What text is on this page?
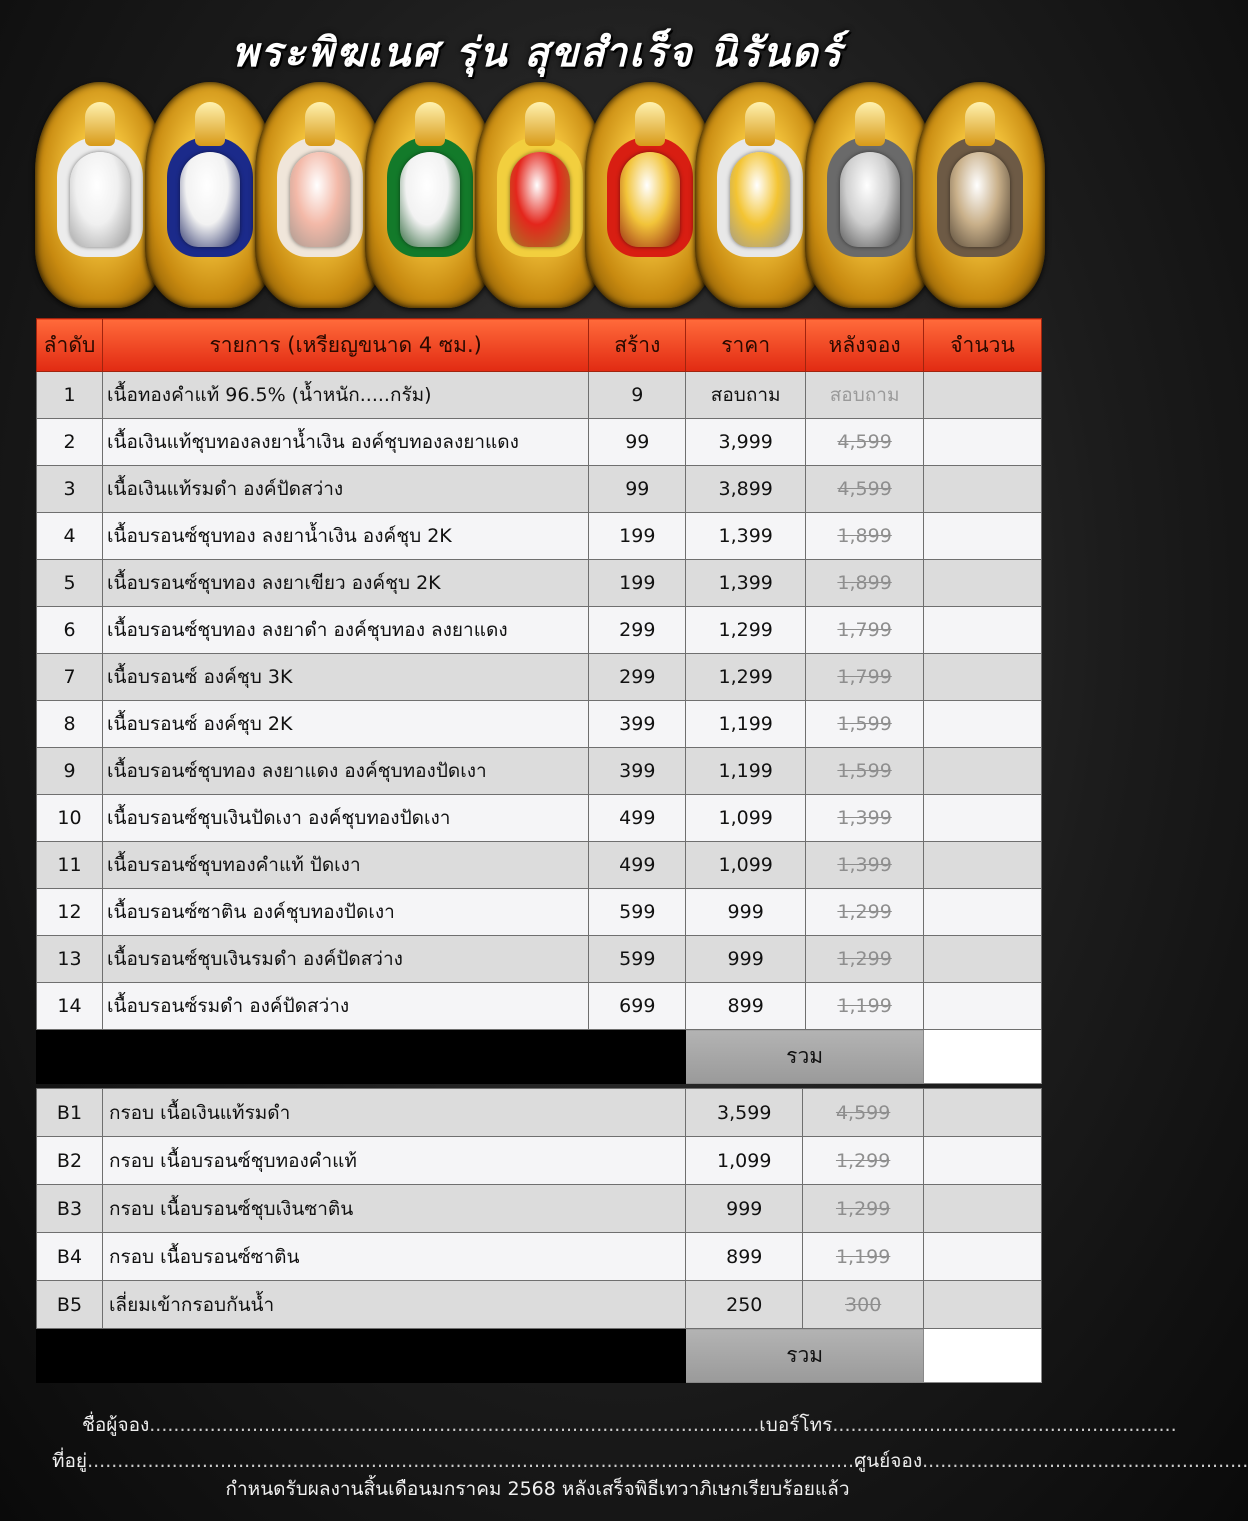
พระพิฆเนศ รุ่น สุขสำเร็จ นิรันดร์
ลำดับ	รายการ (เหรียญขนาด 4 ซม.)	สร้าง	ราคา	หลังจอง	จำนวน
1	เนื้อทองคำแท้ 96.5% (น้ำหนัก.....กรัม)	9	สอบถาม	สอบถาม	
2	เนื้อเงินแท้ชุบทองลงยาน้ำเงิน องค์ชุบทองลงยาแดง	99	3,999	4,599	
3	เนื้อเงินแท้รมดำ องค์ปัดสว่าง	99	3,899	4,599	
4	เนื้อบรอนซ์ชุบทอง ลงยาน้ำเงิน องค์ชุบ 2K	199	1,399	1,899	
5	เนื้อบรอนซ์ชุบทอง ลงยาเขียว องค์ชุบ 2K	199	1,399	1,899	
6	เนื้อบรอนซ์ชุบทอง ลงยาดำ องค์ชุบทอง ลงยาแดง	299	1,299	1,799	
7	เนื้อบรอนซ์ องค์ชุบ 3K	299	1,299	1,799	
8	เนื้อบรอนซ์ องค์ชุบ 2K	399	1,199	1,599	
9	เนื้อบรอนซ์ชุบทอง ลงยาแดง องค์ชุบทองปัดเงา	399	1,199	1,599	
10	เนื้อบรอนซ์ชุบเงินปัดเงา องค์ชุบทองปัดเงา	499	1,099	1,399	
11	เนื้อบรอนซ์ชุบทองคำแท้ ปัดเงา	499	1,099	1,399	
12	เนื้อบรอนซ์ซาติน องค์ชุบทองปัดเงา	599	999	1,299	
13	เนื้อบรอนซ์ชุบเงินรมดำ องค์ปัดสว่าง	599	999	1,299	
14	เนื้อบรอนซ์รมดำ องค์ปัดสว่าง	699	899	1,199	
			รวม		
B1	กรอบ เนื้อเงินแท้รมดำ	3,599	4,599	
B2	กรอบ เนื้อบรอนซ์ชุบทองคำแท้	1,099	1,299	
B3	กรอบ เนื้อบรอนซ์ชุบเงินซาติน	999	1,299	
B4	กรอบ เนื้อบรอนซ์ซาติน	899	1,199	
B5	เลี่ยมเข้ากรอบกันน้ำ	250	300	
		รวม		
ชื่อผู้จอง.....................................................................................................เบอร์โทร.........................................................
ที่อยู่...............................................................................................................................ศูนย์จอง......................................................
กำหนดรับผลงานสิ้นเดือนมกราคม 2568 หลังเสร็จพิธีเทวาภิเษกเรียบร้อยแล้ว
